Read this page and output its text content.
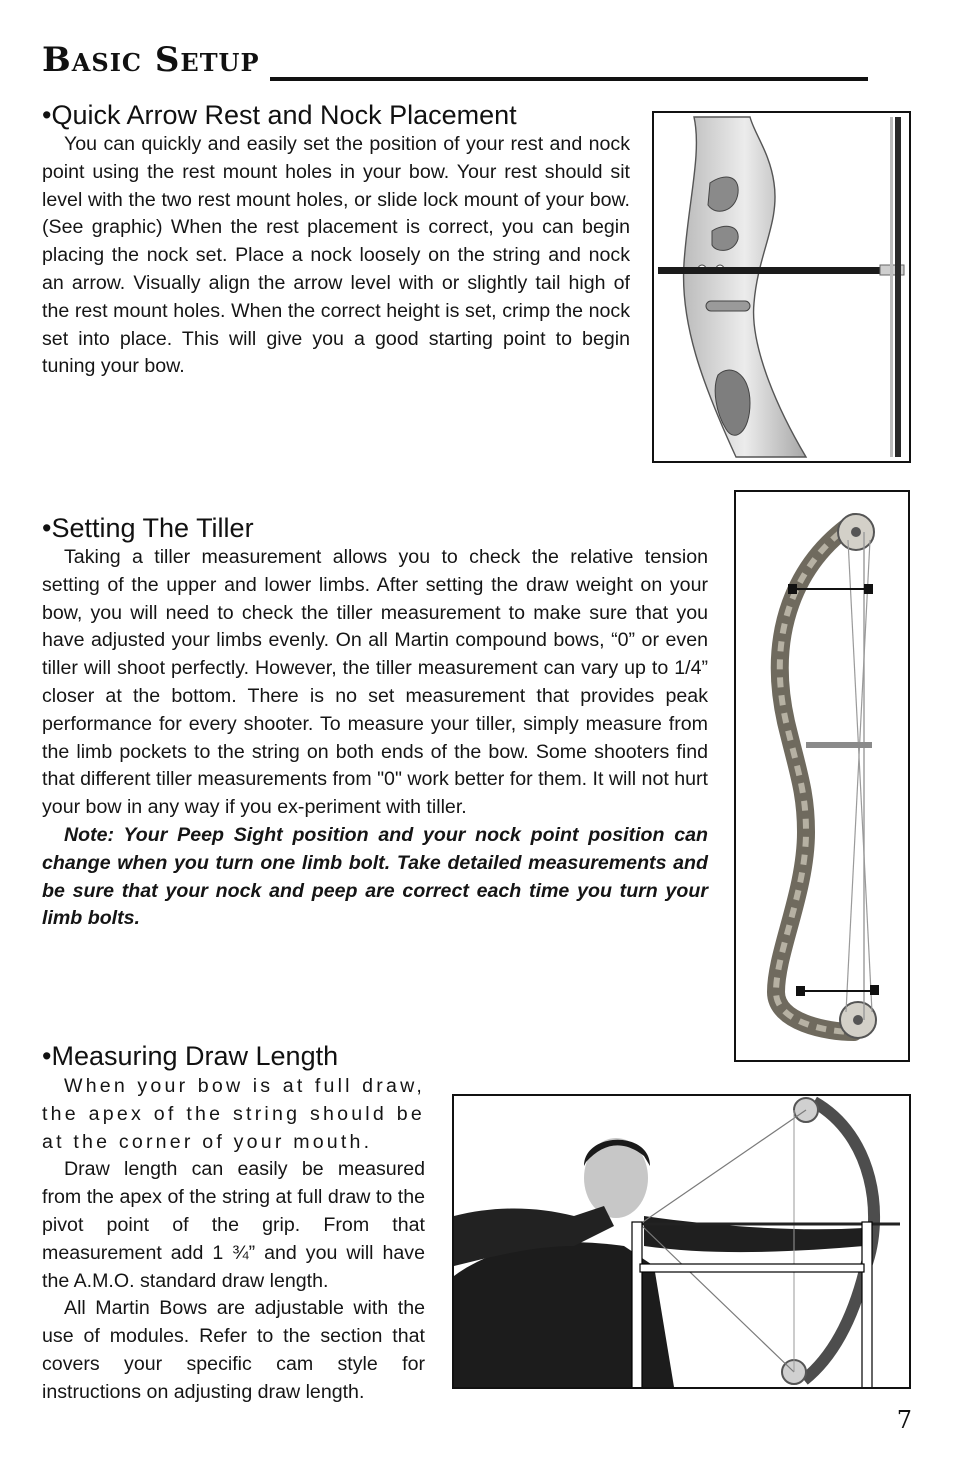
Basic Setup
•Quick Arrow Rest and Nock Placement

You can quickly and easily set the position of your rest and nock point using the rest mount holes in your bow. Your rest should sit level with the two rest mount holes, or slide lock mount of your bow. (See graphic) When the rest placement is correct, you can begin placing the nock set. Place a nock loosely on the string and nock an arrow. Visually align the arrow level with or slightly tail high of the rest mount holes. When the correct height is set, crimp the nock set into place. This will give you a good starting point to begin tuning your bow.

•Setting The Tiller

Taking a tiller measurement allows you to check the relative tension setting of the upper and lower limbs. After setting the draw weight on your bow, you will need to check the tiller measurement to make sure that you have adjusted your limbs evenly. On all Martin compound bows, “0” or even tiller will shoot perfectly. However, the tiller measurement can vary up to 1/4” closer at the bottom. There is no set measurement that provides peak performance for every shooter. To measure your tiller, simply measure from the limb pockets to the string on both ends of the bow. Some shooters find that different tiller measurements from "0" work better for them. It will not hurt your bow in any way if you ex-periment with tiller.

Note: Your Peep Sight position and your nock point position can change when you turn one limb bolt. Take detailed measurements and be sure that your nock and peep are correct each time you turn your limb bolts.

•Measuring Draw Length

When your bow is at full draw, the apex of the string should be at the corner of your mouth.

Draw length can easily be measured from the apex of the string at full draw to the pivot point of the grip. From that measurement add 1 ¾” and you will have the A.M.O. standard draw length.

All Martin Bows are adjustable with the use of modules. Refer to the section that covers your specific cam style for instructions on adjusting draw length.

7
